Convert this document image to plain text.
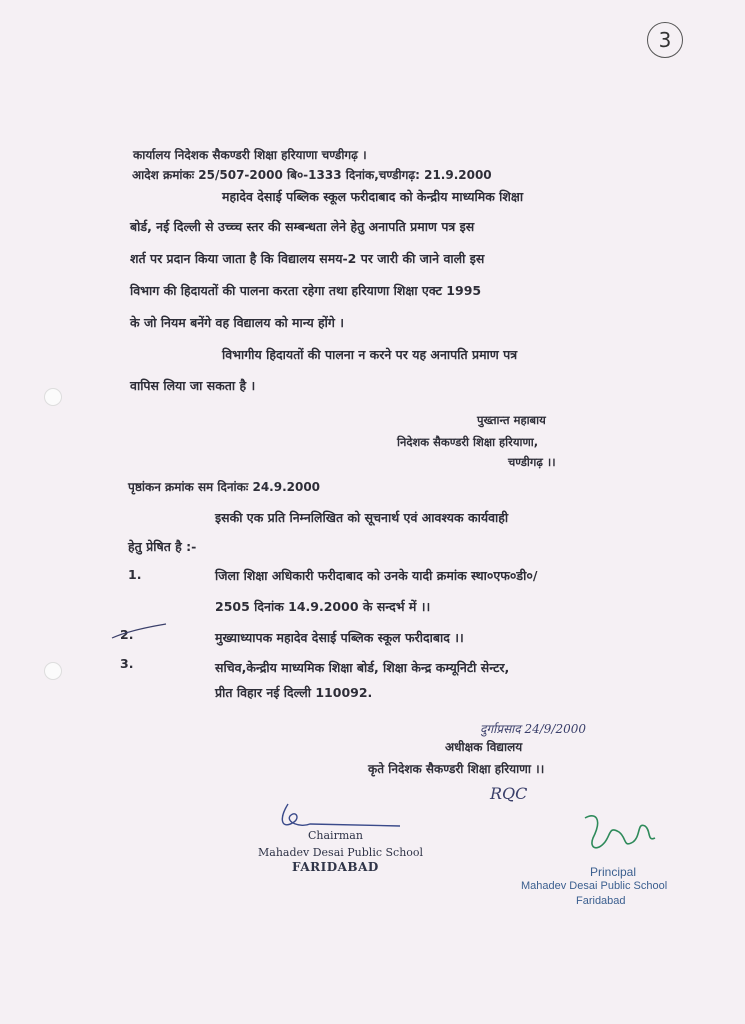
3
कार्यालय निदेशक सैकण्डरी शिक्षा हरियाणा चण्डीगढ़ ।
आदेश क्रमांकः 25/507-2000 बि०-1333 दिनांक,चण्डीगढ़: 21.9.2000
महादेव देसाई पब्लिक स्कूल फरीदाबाद को केन्द्रीय माध्यमिक शिक्षा
बोर्ड, नई दिल्ली से उच्च्च स्तर की सम्बन्धता लेने हेतु अनापति प्रमाण पत्र इस
शर्त पर प्रदान किया जाता है कि विद्यालय समय-2 पर जारी की जाने वाली इस
विभाग की हिदायतों की पालना करता रहेगा तथा हरियाणा शिक्षा एक्ट 1995
के जो नियम बनेंगे वह विद्यालय को मान्य होंगे ।
विभागीय हिदायतों की पालना न करने पर यह अनापति प्रमाण पत्र
वापिस लिया जा सकता है ।
पुख्तान्त महाबाय
निदेशक सैकण्डरी शिक्षा हरियाणा,
चण्डीगढ़ ।।
पृष्ठांकन क्रमांक सम दिनांकः 24.9.2000
इसकी एक प्रति निम्नलिखित को सूचनार्थ एवं आवश्यक कार्यवाही
हेतु प्रेषित है :-
1.	जिला शिक्षा अधिकारी फरीदाबाद को उनके यादी क्रमांक स्था०एफ०डी०/
2505 दिनांक 14.9.2000 के सन्दर्भ में ।।
2.	मुख्याध्यापक महादेव देसाई पब्लिक स्कूल फरीदाबाद ।।
3.	सचिव,केन्द्रीय माध्यमिक शिक्षा बोर्ड, शिक्षा केन्द्र कम्यूनिटी सेन्टर,
प्रीत विहार नई दिल्ली 110092.
दुर्गाप्रसाद 24/9/2000
अधीक्षक विद्यालय
कृते निदेशक सैकण्डरी शिक्षा हरियाणा ।।
RQC
Chairman
Mahadev Desai Public School
FARIDABAD	Principal
Mahadev Desai Public School
Faridabad
